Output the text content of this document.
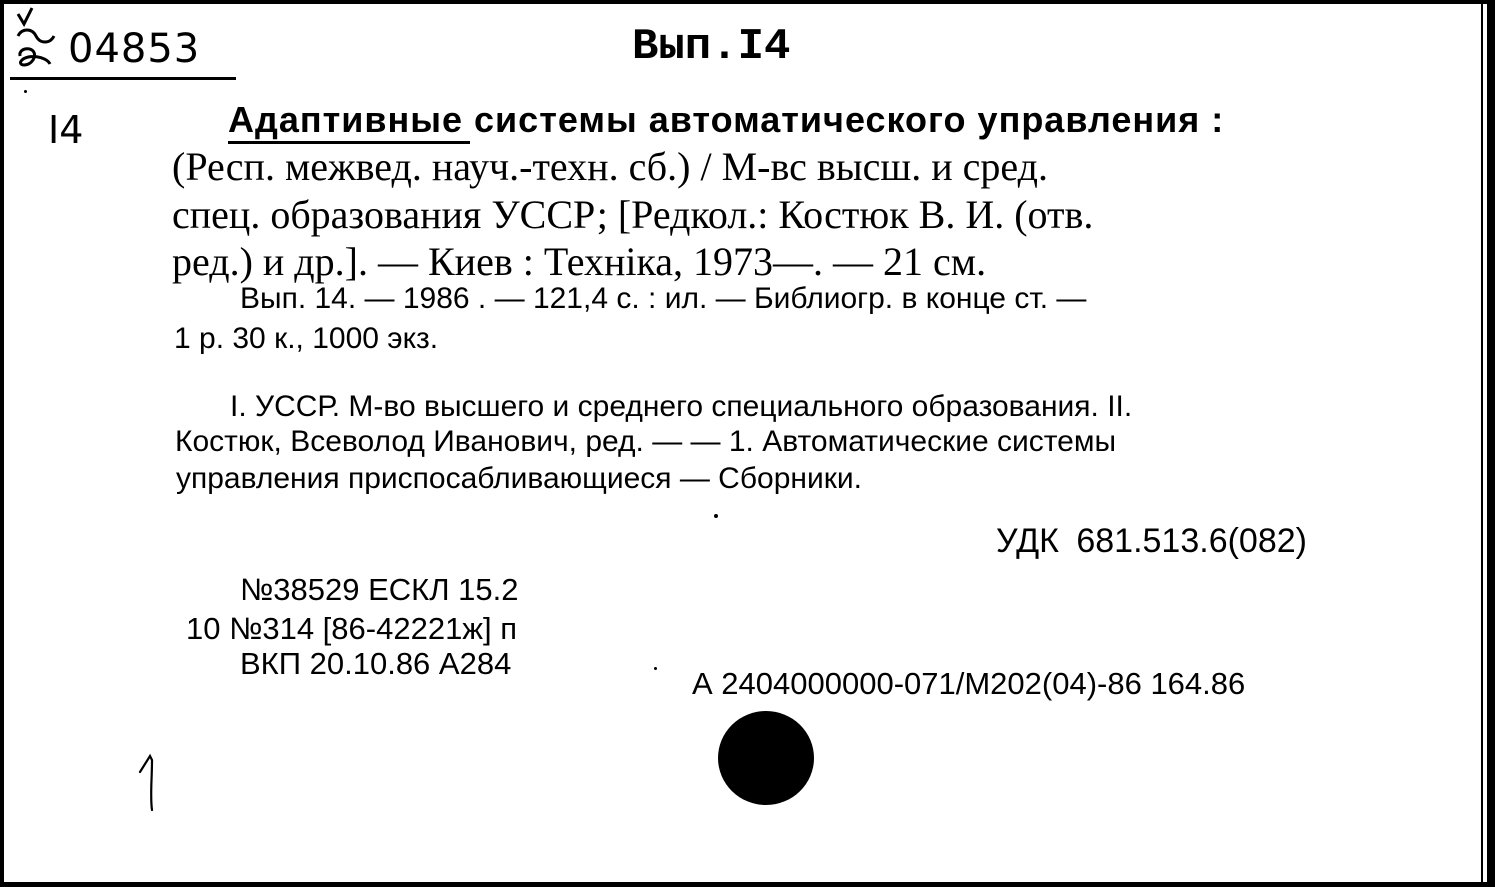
04853	Вып.I4
I4	Адаптивные системы автоматического управления :
(Респ. межвед. науч.-техн. сб.) / М-вс высш. и сред.
спец. образования УССР; [Редкол.: Костюк В. И. (отв.
ред.) и др.]. — Киев : Техніка, 1973—. — 21 см.
Вып. 14. — 1986 . — 121,4 с. : ил. — Библиогр. в конце ст. —
1 р. 30 к., 1000 экз.
I. УССР. М-во высшего и среднего специального образования. II.
Костюк, Всеволод Иванович, ред. — — 1. Автоматические системы
управления приспосабливающиеся — Сборники.
УДК 681.513.6(082)
№38529 ЕСКЛ 15.2
10 №314 [86-42221ж] п
ВКП 20.10.86 А284
А 2404000000-071/М202(04)-86 164.86
